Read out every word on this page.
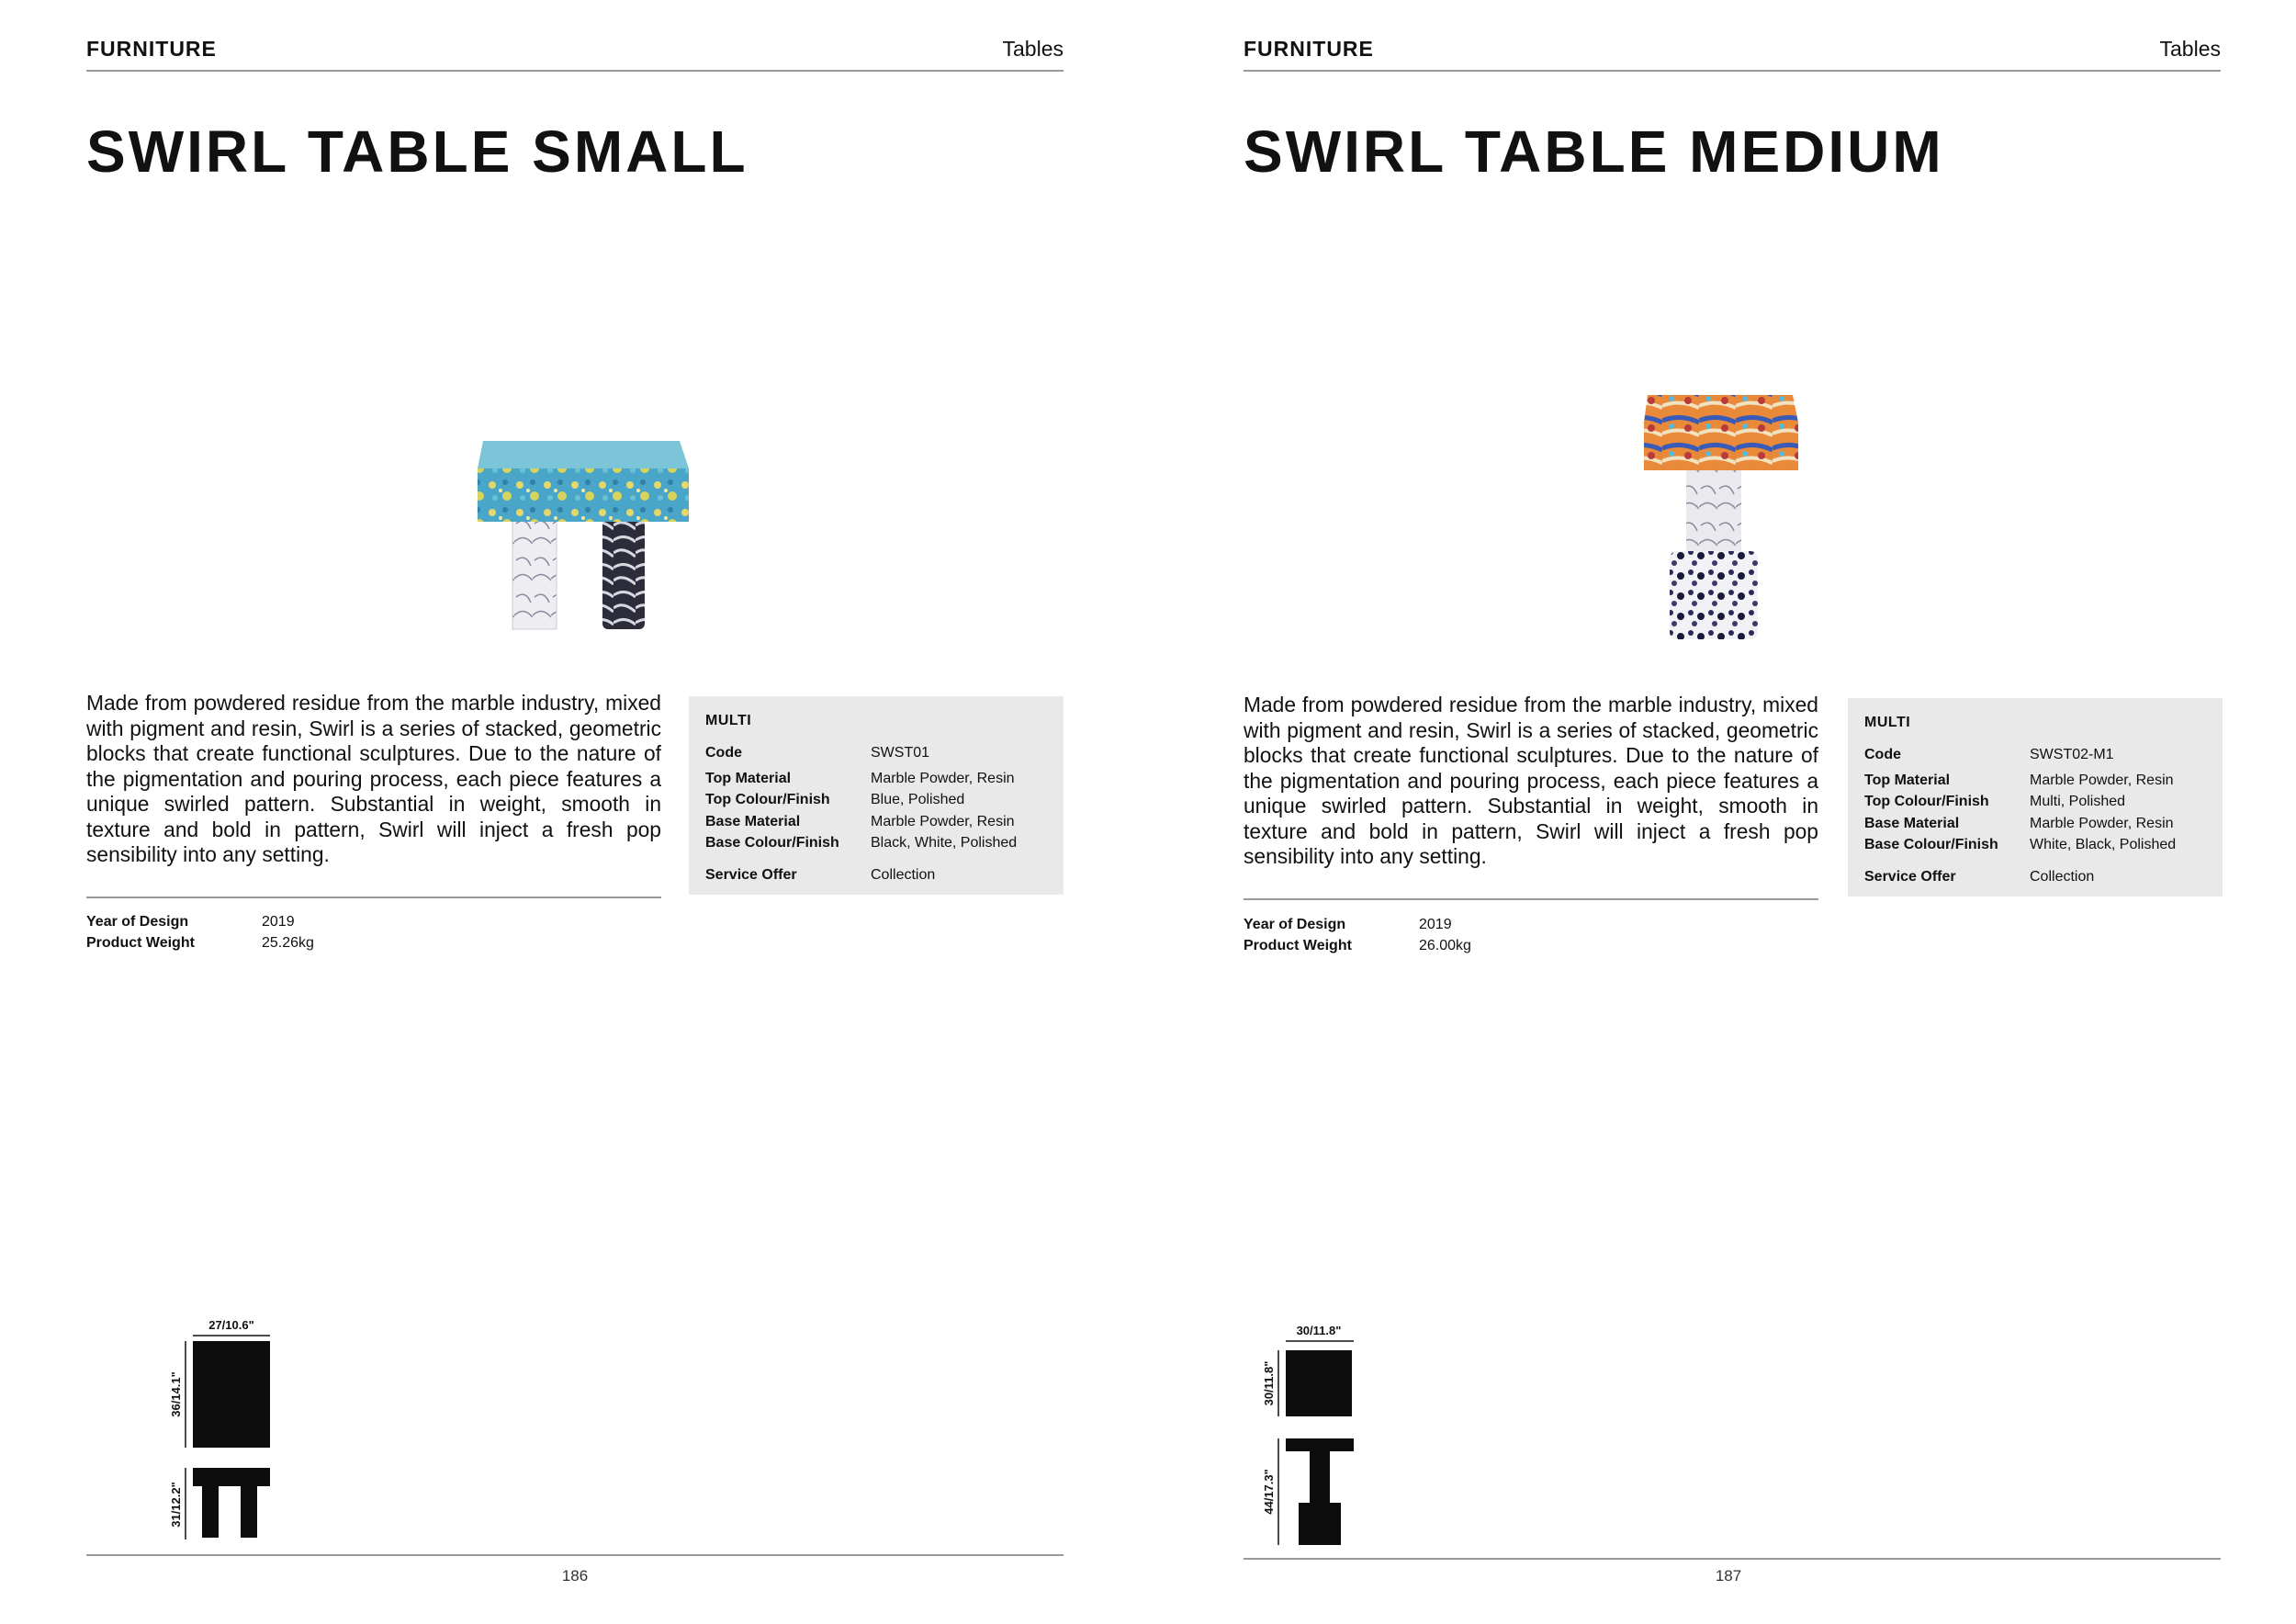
FURNITURE	Tables
SWIRL TABLE SMALL

Made from powdered residue from the marble industry, mixed with pigment and resin, Swirl is a series of stacked, geometric blocks that create functional sculptures. Due to the nature of the pigmentation and pouring process, each piece features a unique swirled pattern. Substantial in weight, smooth in texture and bold in pattern, Swirl will inject a fresh pop sensibility into any setting.

Year of Design	2019
Product Weight	25.26kg
MULTI
Code	SWST01
Top Material	Marble Powder, Resin
Top Colour/Finish	Blue, Polished
Base Material	Marble Powder, Resin
Base Colour/Finish	Black, White, Polished
Service Offer	Collection
27/10.6"
36/14.1"
31/12.2"
186
FURNITURE	Tables
SWIRL TABLE MEDIUM

Made from powdered residue from the marble industry, mixed with pigment and resin, Swirl is a series of stacked, geometric blocks that create functional sculptures. Due to the nature of the pigmentation and pouring process, each piece features a unique swirled pattern. Substantial in weight, smooth in texture and bold in pattern, Swirl will inject a fresh pop sensibility into any setting.

Year of Design	2019
Product Weight	26.00kg
MULTI
Code	SWST02-M1
Top Material	Marble Powder, Resin
Top Colour/Finish	Multi, Polished
Base Material	Marble Powder, Resin
Base Colour/Finish	White, Black, Polished
Service Offer	Collection
30/11.8"
30/11.8"
44/17.3"
187
